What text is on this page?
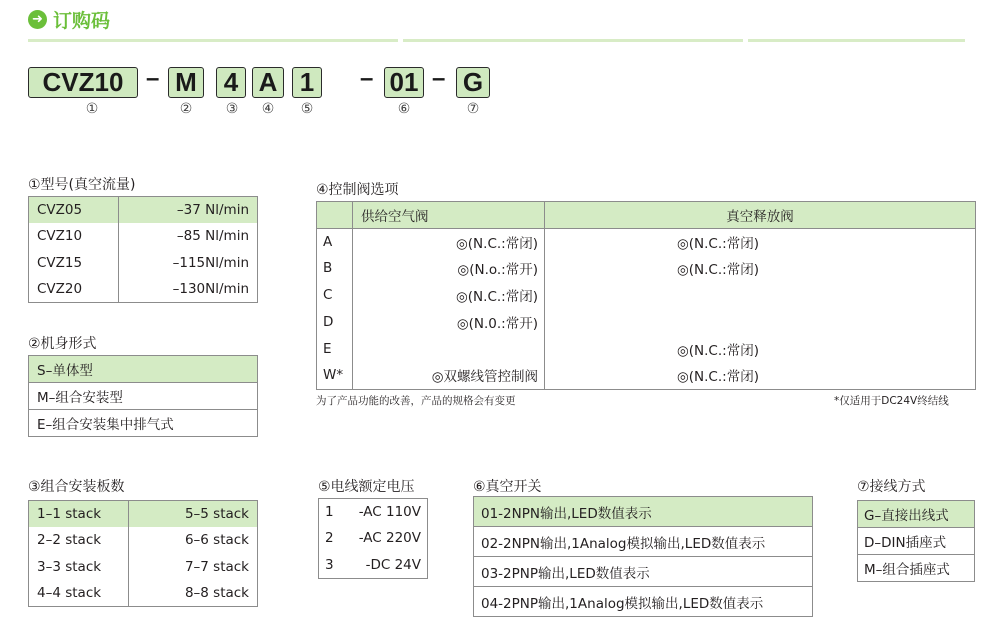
➜ 订购码
CVZ10 – M 4 A 1	– 01 – G
①	②	③	④	⑤	⑥	⑦
①型号(真空流量)
CVZ05	–37 Nl/min
CVZ10	–85 Nl/min
CVZ15	–115Nl/min
CVZ20	–130Nl/min
②机身形式
S–单体型
M–组合安装型
E–组合安装集中排气式
③组合安装板数
1–1 stack	5–5 stack
2–2 stack	6–6 stack
3–3 stack	7–7 stack
4–4 stack	8–8 stack
④控制阀选项
	供给空气阀	真空释放阀
A	◎(N.C.:常闭)	◎(N.C.:常闭)
B	◎(N.o.:常开)	◎(N.C.:常闭)
C	◎(N.C.:常闭)	
D	◎(N.0.:常开)	
E		◎(N.C.:常闭)
W*	◎双螺线管控制阀	◎(N.C.:常闭)
为了产品功能的改善，产品的规格会有变更	*仅适用于DC24V终结线
⑤电线额定电压
1	-AC 110V
2	-AC 220V
3	-DC 24V
⑥真空开关
01-2NPN输出,LED数值表示
02-2NPN输出,1Analog模拟输出,LED数值表示
03-2PNP输出,LED数值表示
04-2PNP输出,1Analog模拟输出,LED数值表示
⑦接线方式
G–直接出线式
D–DIN插座式
M–组合插座式
